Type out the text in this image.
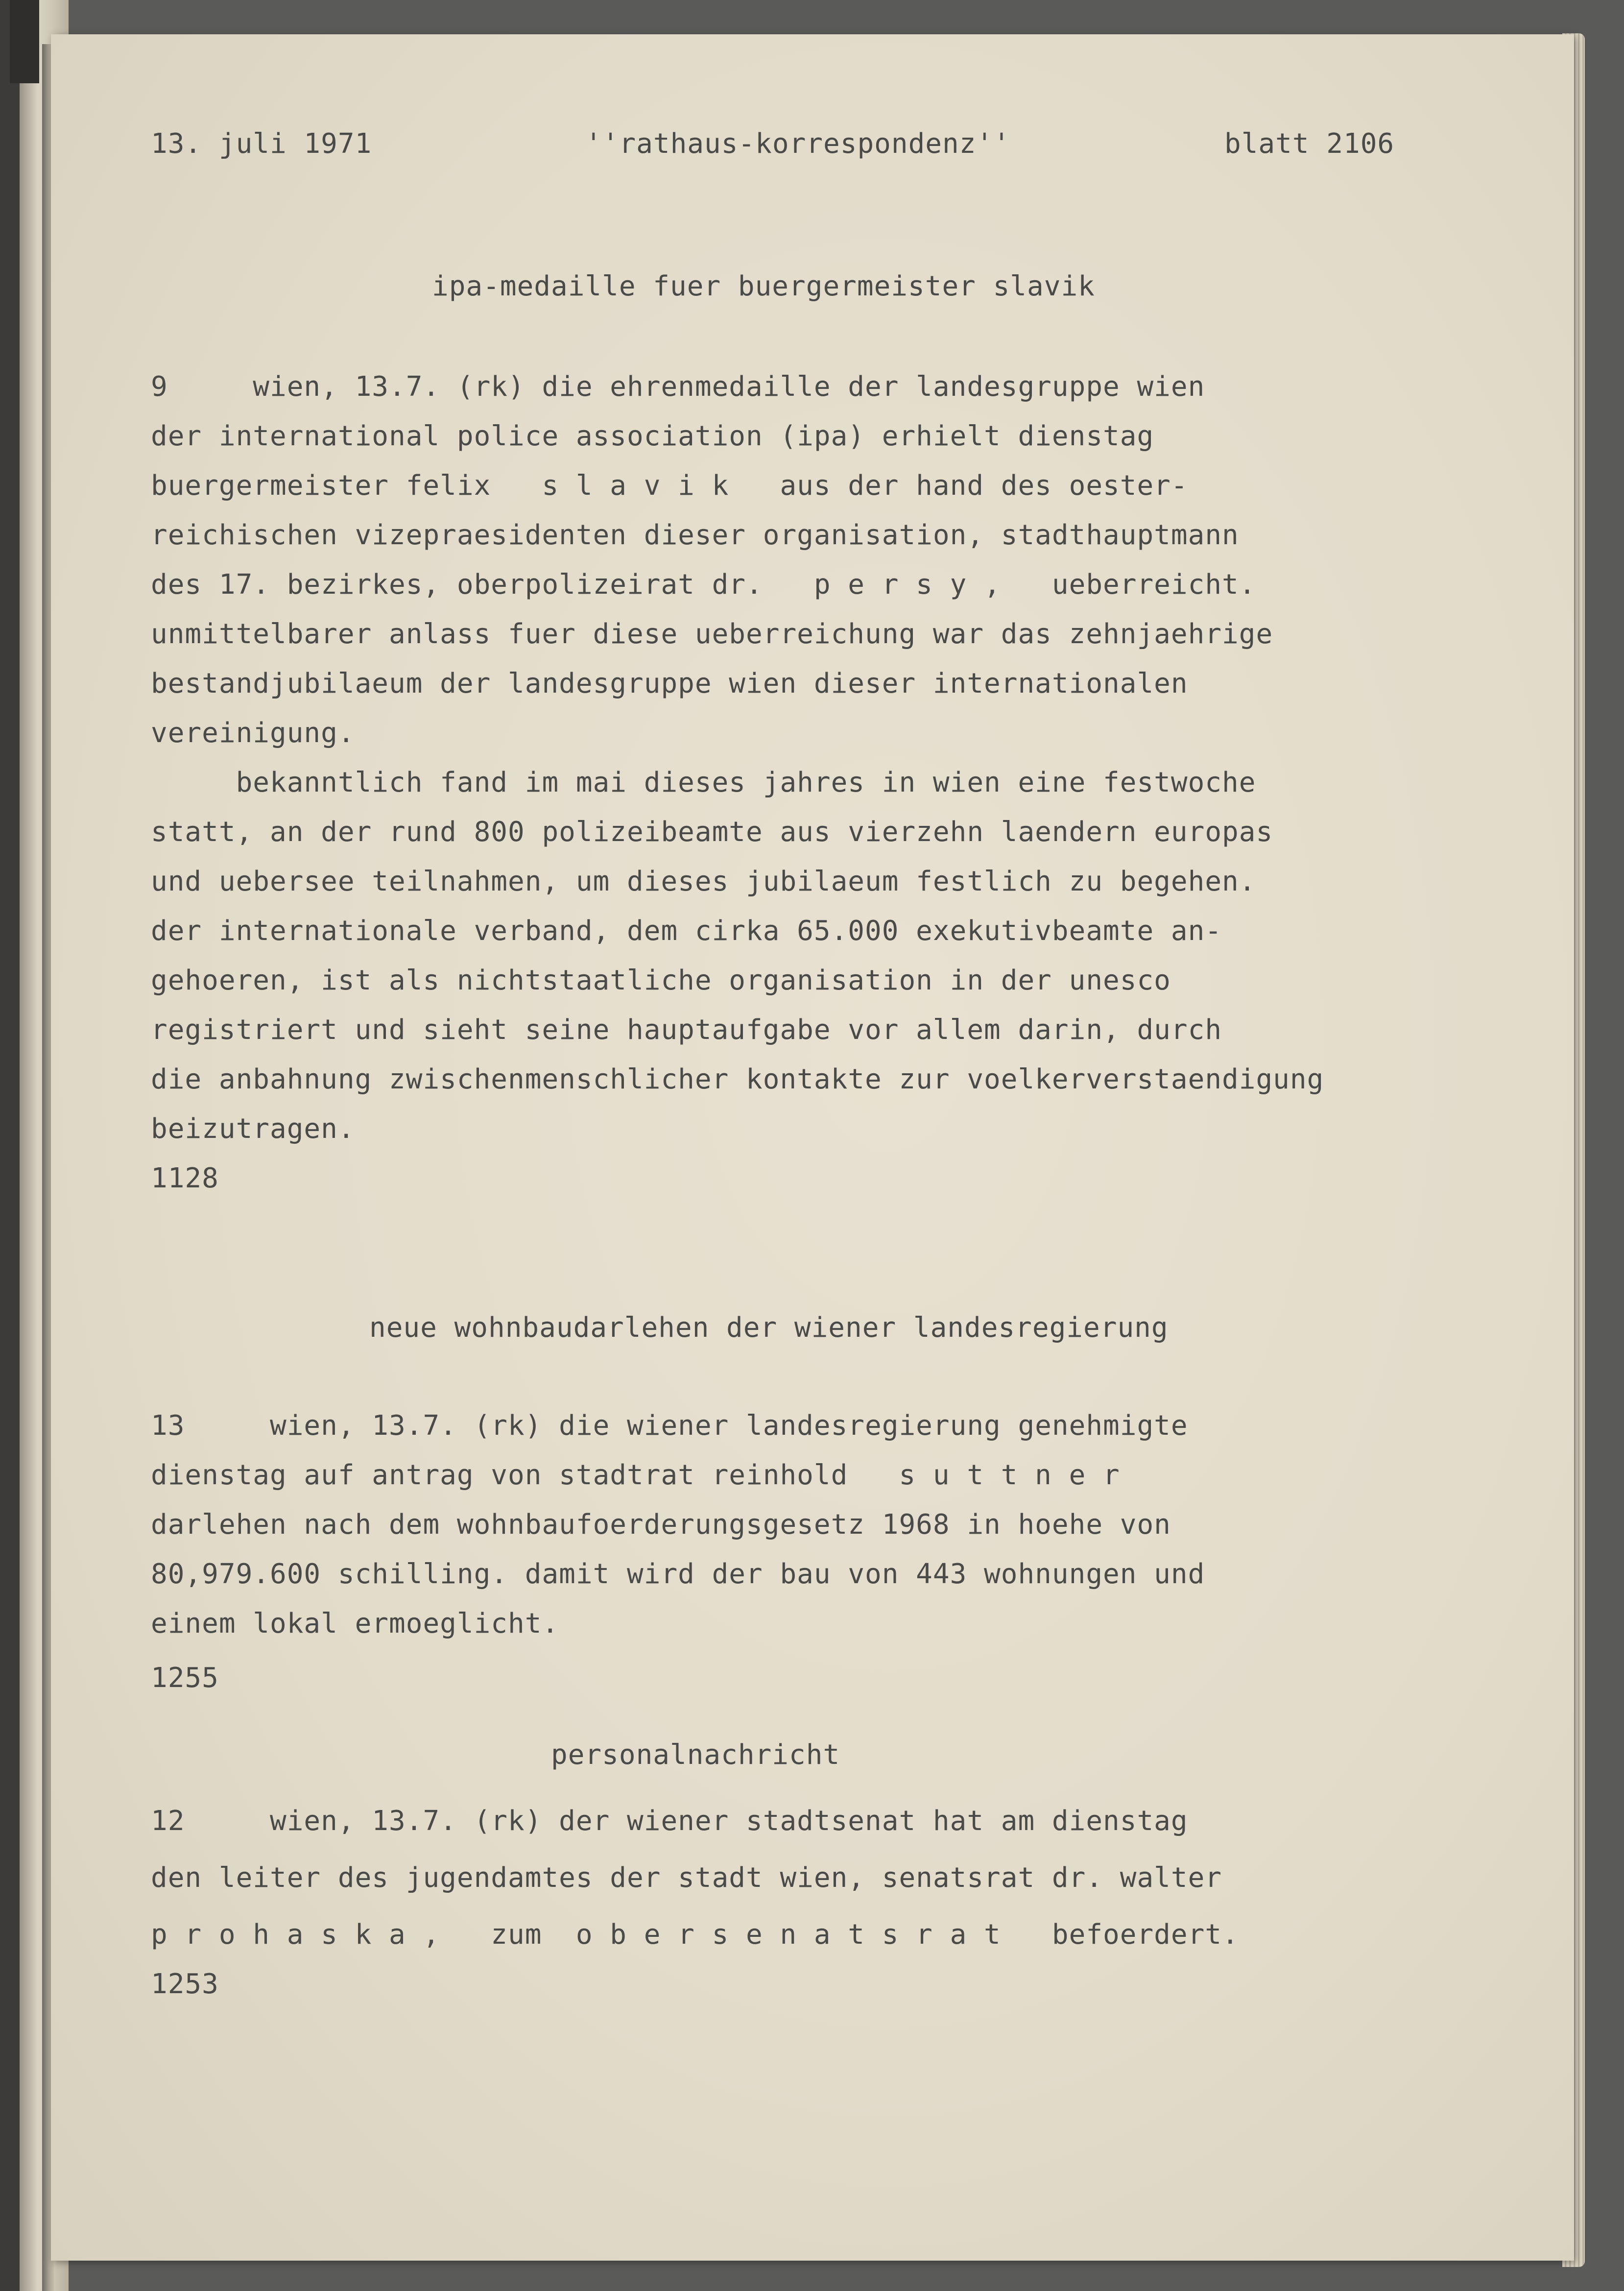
13. juli 1971	''rathaus-korrespondenz''	blatt 2106

ipa-medaille fuer buergermeister slavik

9     wien, 13.7. (rk) die ehrenmedaille der landesgruppe wien

der international police association (ipa) erhielt dienstag

buergermeister felix   s l a v i k   aus der hand des oester-

reichischen vizepraesidenten dieser organisation, stadthauptmann

des 17. bezirkes, oberpolizeirat dr.   p e r s y ,   ueberreicht.

unmittelbarer anlass fuer diese ueberreichung war das zehnjaehrige

bestandjubilaeum der landesgruppe wien dieser internationalen

vereinigung.

bekanntlich fand im mai dieses jahres in wien eine festwoche

statt, an der rund 800 polizeibeamte aus vierzehn laendern europas

und uebersee teilnahmen, um dieses jubilaeum festlich zu begehen.

der internationale verband, dem cirka 65.000 exekutivbeamte an-

gehoeren, ist als nichtstaatliche organisation in der unesco

registriert und sieht seine hauptaufgabe vor allem darin, durch

die anbahnung zwischenmenschlicher kontakte zur voelkerverstaendigung

beizutragen.

1128

neue wohnbaudarlehen der wiener landesregierung

13     wien, 13.7. (rk) die wiener landesregierung genehmigte

dienstag auf antrag von stadtrat reinhold   s u t t n e r

darlehen nach dem wohnbaufoerderungsgesetz 1968 in hoehe von

80,979.600 schilling. damit wird der bau von 443 wohnungen und

einem lokal ermoeglicht.

1255

personalnachricht

12     wien, 13.7. (rk) der wiener stadtsenat hat am dienstag

den leiter des jugendamtes der stadt wien, senatsrat dr. walter

p r o h a s k a ,   zum  o b e r s e n a t s r a t   befoerdert.

1253
